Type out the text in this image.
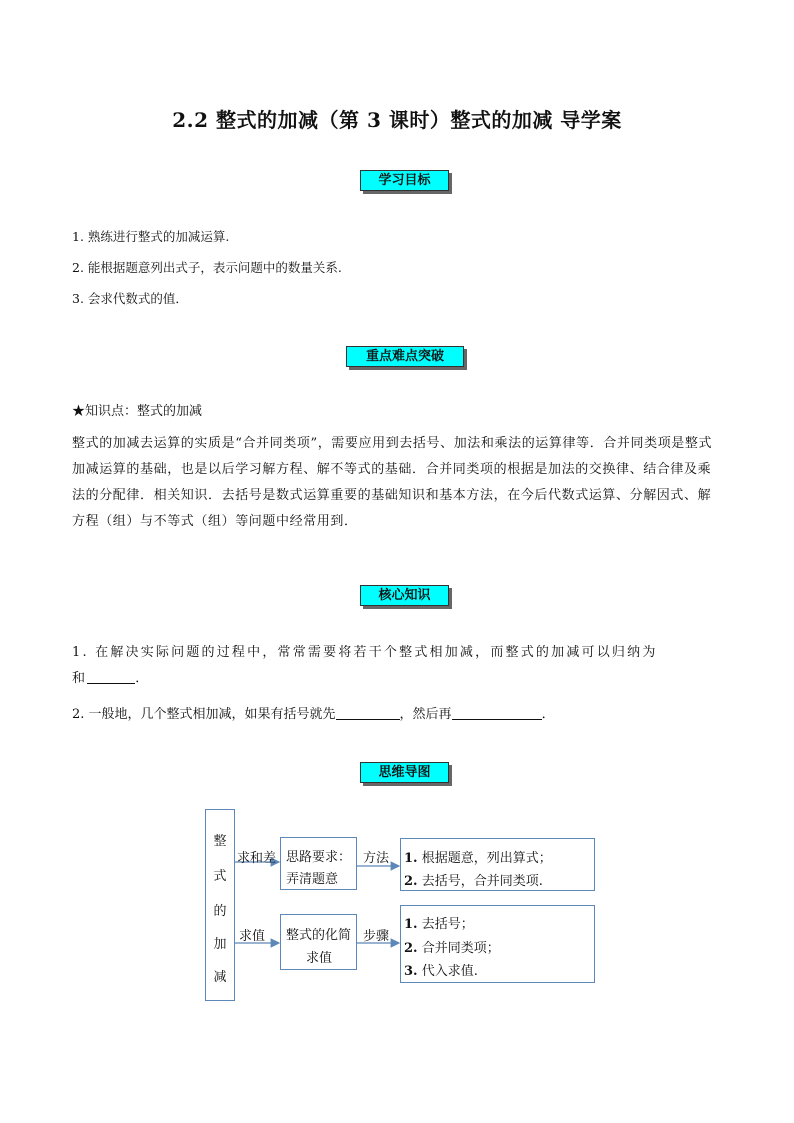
2.2 整式的加减（第 3 课时）整式的加减 导学案
学习目标
1. 熟练进行整式的加减运算.
2. 能根据题意列出式子，表示问题中的数量关系.
3. 会求代数式的值．
重点难点突破
★知识点：整式的加减
整式的加减去运算的实质是“合并同类项”，需要应用到去括号、加法和乘法的运算律等．合并同类项是整式加减运算的基础，也是以后学习解方程、解不等式的基础．合并同类项的根据是加法的交换律、结合律及乘法的分配律．相关知识．去括号是数式运算重要的基础知识和基本方法，在今后代数式运算、分解因式、解方程（组）与不等式（组）等问题中经常用到．
核心知识
1. 在解决实际问题的过程中，常常需要将若干个整式相加减，而整式的加减可以归纳为
和	．
2. 一般地，几个整式相加减，如果有括号就先	，然后再	．
思维导图
整
式
的
加
减
求和差 思路要求：
弄清题意
方法 1. 根据题意，列出算式；
2. 去括号，合并同类项.
求值 整式的化简
求值
步骤
1. 去括号；
2. 合并同类项；
3. 代入求值.
